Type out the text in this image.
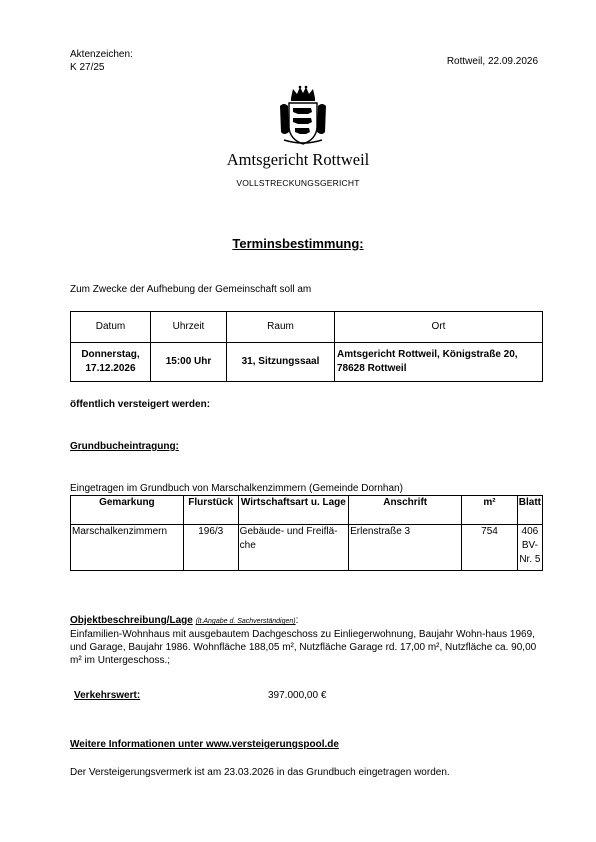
Aktenzeichen:
K 27/25
Rottweil, 22.09.2026
Amtsgericht Rottweil
VOLLSTRECKUNGSGERICHT
Terminsbestimmung:
Zum Zwecke der Aufhebung der Gemeinschaft soll am
Datum	Uhrzeit	Raum	Ort

Donnerstag,
17.12.2026	15:00 Uhr	31, Sitzungssaal	Amtsgericht Rottweil, Königstraße 20, 78628 Rottweil
öffentlich versteigert werden:
Grundbucheintragung:
Eingetragen im Grundbuch von Marschalkenzimmern (Gemeinde Dornhan)
Gemarkung	Flurstück	Wirtschaftsart u. Lage	Anschrift	m²	Blatt
Marschalkenzimmern	196/3	Gebäude- und Freiflä-che	Erlenstraße 3	754	406 BV-Nr. 5
Objektbeschreibung/Lage (lt.Angabe d. Sachverständigen):
Einfamilien-Wohnhaus mit ausgebautem Dachgeschoss zu Einliegerwohnung, Baujahr Wohn-haus 1969, und Garage, Baujahr 1986. Wohnfläche 188,05 m², Nutzfläche Garage rd. 17,00 m², Nutzfläche ca. 90,00 m² im Untergeschoss.;
Verkehrswert:	397.000,00 €
Weitere Informationen unter www.versteigerungspool.de
Der Versteigerungsvermerk ist am 23.03.2026 in das Grundbuch eingetragen worden.
